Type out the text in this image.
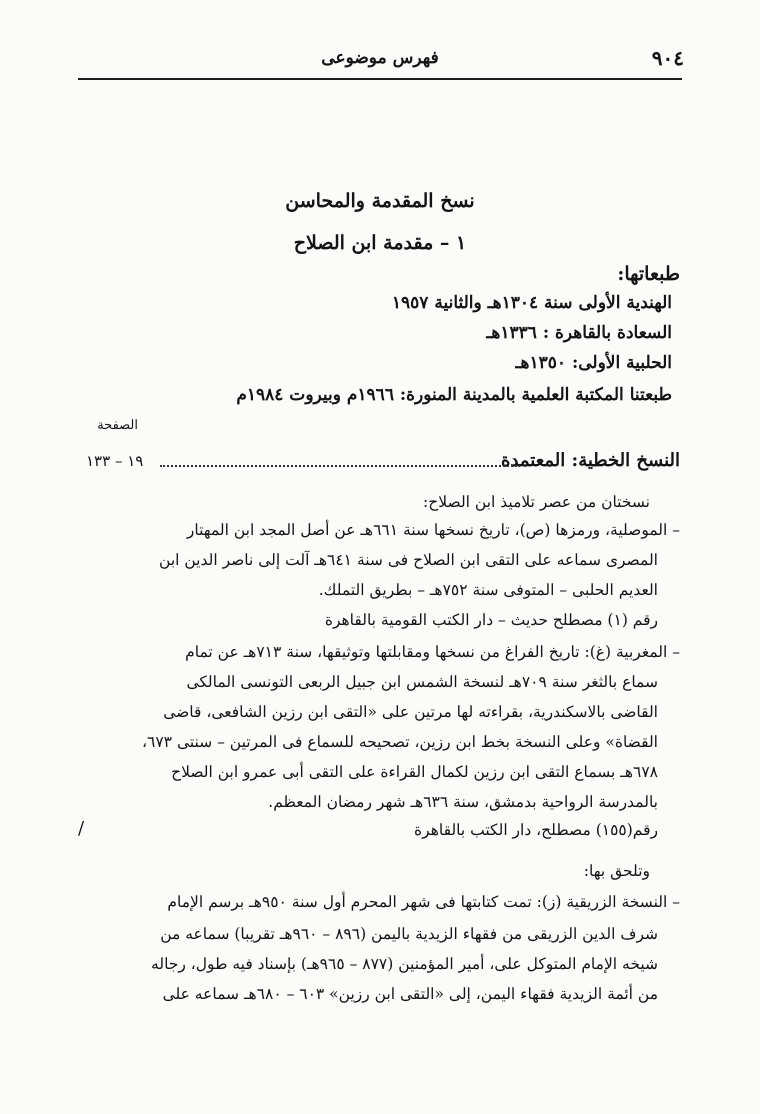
٩٠٤
فهرس موضوعى
نسخ المقدمة والمحاسن
١ – مقدمة ابن الصلاح
طبعاتها:
الهندية الأولى سنة ١٣٠٤هـ والثانية ١٩٥٧
السعادة بالقاهرة : ١٣٣٦هـ
الحلبية الأولى: ١٣٥٠هـ
طبعتنا المكتبة العلمية بالمدينة المنورة: ١٩٦٦م وبيروت ١٩٨٤م
الصفحة
النسخ الخطية: المعتمدة
١٩ – ١٣٣
نسختان من عصر تلاميذ ابن الصلاح:
– الموصلية، ورمزها (ص)، تاريخ نسخها سنة ٦٦١هـ عن أصل المجد ابن المهتار
المصرى سماعه على التقى ابن الصلاح فى سنة ٦٤١هـ آلت إلى ناصر الدين ابن
العديم الحلبى – المتوفى سنة ٧٥٢هـ – بطريق التملك.
رقم (١) مصطلح حديث – دار الكتب القومية بالقاهرة
– المغربية (غ): تاريخ الفراغ من نسخها ومقابلتها وتوثيقها، سنة ٧١٣هـ عن تمام
سماع بالثغر سنة ٧٠٩هـ لنسخة الشمس ابن جبيل الربعى التونسى المالكى
القاضى بالاسكندرية، بقراءته لها مرتين على «التقى ابن رزين الشافعى، قاضى
القضاة» وعلى النسخة بخط ابن رزين، تصحيحه للسماع فى المرتين – سنتى ٦٧٣،
٦٧٨هـ بسماع التقى ابن رزين لكمال القراءة على التقى أبى عمرو ابن الصلاح
بالمدرسة الرواحية بدمشق، سنة ٦٣٦هـ شهر رمضان المعظم.
رقم(١٥٥) مصطلح، دار الكتب بالقاهرة
/
وتلحق بها:
– النسخة الزريقية (ز): تمت كتابتها فى شهر المحرم أول سنة ٩٥٠هـ برسم الإمام
شرف الدين الزريقى من فقهاء الزيدية باليمن (٨٩٦ – ٩٦٠هـ تقريبا) سماعه من
شيخه الإمام المتوكل على، أمير المؤمنين (٨٧٧ – ٩٦٥هـ) بإسناد فيه طول، رجاله
من أئمة الزيدية فقهاء اليمن، إلى «التقى ابن رزين» ٦٠٣ – ٦٨٠هـ سماعه على
